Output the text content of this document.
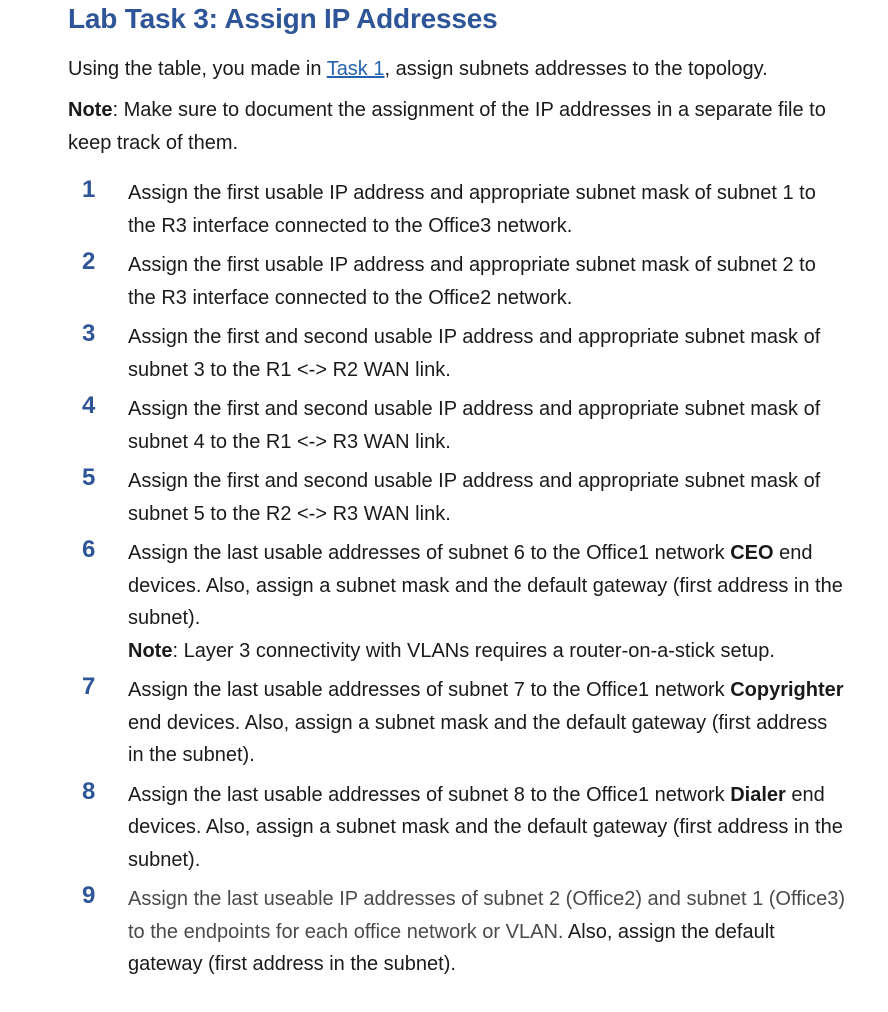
Lab Task 3: Assign IP Addresses

Using the table, you made in Task 1, assign subnets addresses to the topology.

Note: Make sure to document the assignment of the IP addresses in a separate file to keep track of them.

1 Assign the first usable IP address and appropriate subnet mask of subnet 1 to the R3 interface connected to the Office3 network.
2 Assign the first usable IP address and appropriate subnet mask of subnet 2 to the R3 interface connected to the Office2 network.
3 Assign the first and second usable IP address and appropriate subnet mask of subnet 3 to the R1 <-> R2 WAN link.
4 Assign the first and second usable IP address and appropriate subnet mask of subnet 4 to the R1 <-> R3 WAN link.
5 Assign the first and second usable IP address and appropriate subnet mask of subnet 5 to the R2 <-> R3 WAN link.
6 Assign the last usable addresses of subnet 6 to the Office1 network CEO end devices. Also, assign a subnet mask and the default gateway (first address in the subnet).
Note: Layer 3 connectivity with VLANs requires a router-on-a-stick setup.
7 Assign the last usable addresses of subnet 7 to the Office1 network Copyrighter end devices. Also, assign a subnet mask and the default gateway (first address in the subnet).
8 Assign the last usable addresses of subnet 8 to the Office1 network Dialer end devices. Also, assign a subnet mask and the default gateway (first address in the subnet).
9 Assign the last useable IP addresses of subnet 2 (Office2) and subnet 1 (Office3) to the endpoints for each office network or VLAN. Also, assign the default gateway (first address in the subnet).
